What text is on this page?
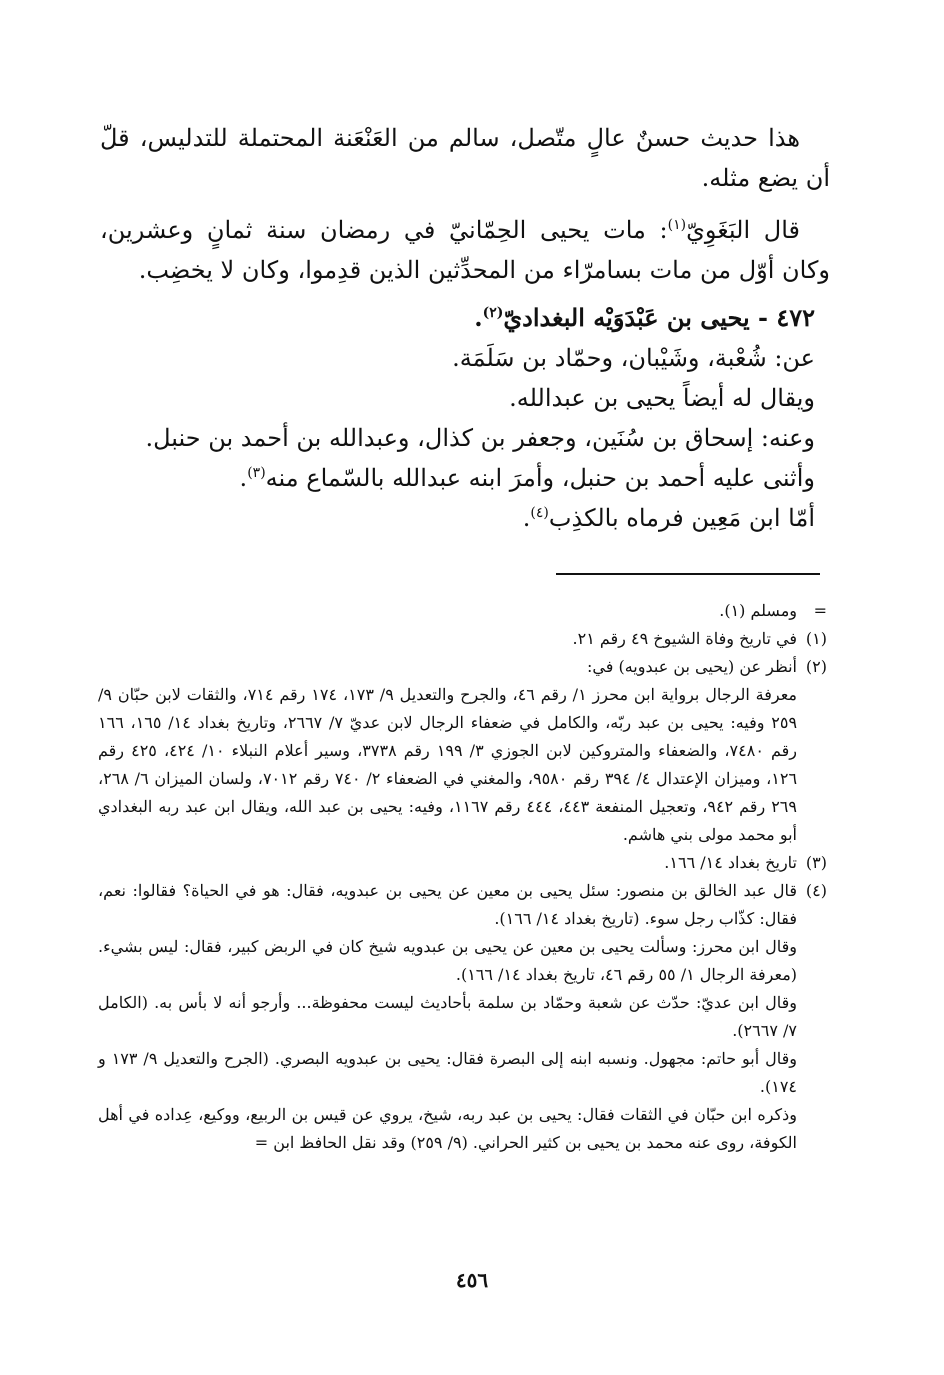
هذا حديث حسنٌ عالٍ متّصل، سالم من العَنْعَنة المحتملة للتدليس، قلّ أن يضع مثله.

قال البَغَوِيّ$^{(١)}$: مات يحيى الحِمّانيّ في رمضان سنة ثمانٍ وعشرين، وكان أوّل من مات بسامرّاء من المحدِّثين الذين قدِموا، وكان لا يخضِب.

٤٧٢ - يحيى بن عَبْدَوَيْه البغداديّ$^{(٢)}$.

عن: شُعْبة، وشَيْبان، وحمّاد بن سَلَمَة.

ويقال له أيضاً يحيى بن عبدالله.

وعنه: إسحاق بن سُنَين، وجعفر بن كذال، وعبدالله بن أحمد بن حنبل.

وأثنى عليه أحمد بن حنبل، وأمرَ ابنه عبدالله بالسّماع منه$^{(٣)}$.

أمّا ابن مَعِين فرماه بالكذِب$^{(٤)}$.

=

ومسلم (١).

(١)

في تاريخ وفاة الشيوخ ٤٩ رقم ٢١.

(٢)

أنظر عن (يحيى بن عبدويه) في:

معرفة الرجال برواية ابن محرز ١/ رقم ٤٦، والجرح والتعديل ٩/ ١٧٣، ١٧٤ رقم ٧١٤، والثقات لابن حبّان ٩/ ٢٥٩ وفيه: يحيى بن عبد ربّه، والكامل في ضعفاء الرجال لابن عديّ ٧/ ٢٦٦٧، وتاريخ بغداد ١٤/ ١٦٥، ١٦٦ رقم ٧٤٨٠، والضعفاء والمتروكين لابن الجوزي ٣/ ١٩٩ رقم ٣٧٣٨، وسير أعلام النبلاء ١٠/ ٤٢٤، ٤٢٥ رقم ١٢٦، وميزان الإعتدال ٤/ ٣٩٤ رقم ٩٥٨٠، والمغني في الضعفاء ٢/ ٧٤٠ رقم ٧٠١٢، ولسان الميزان ٦/ ٢٦٨، ٢٦٩ رقم ٩٤٢، وتعجيل المنفعة ٤٤٣، ٤٤٤ رقم ١١٦٧، وفيه: يحيى بن عبد الله، ويقال ابن عبد ربه البغدادي أبو محمد مولى بني هاشم.

(٣)

تاريخ بغداد ١٤/ ١٦٦.

(٤)

قال عبد الخالق بن منصور: سئل يحيى بن معين عن يحيى بن عبدويه، فقال: هو في الحياة؟ فقالوا: نعم، فقال: كذّاب رجل سوء. (تاريخ بغداد ١٤/ ١٦٦).

وقال ابن محرز: وسألت يحيى بن معين عن يحيى بن عبدويه شيخ كان في الربض كبير، فقال: ليس بشيء. (معرفة الرجال ١/ ٥٥ رقم ٤٦، تاريخ بغداد ١٤/ ١٦٦).

وقال ابن عديّ: حدّث عن شعبة وحمّاد بن سلمة بأحاديث ليست محفوظة... وأرجو أنه لا بأس به. (الكامل ٧/ ٢٦٦٧).

وقال أبو حاتم: مجهول. ونسبه ابنه إلى البصرة فقال: يحيى بن عبدويه البصري. (الجرح والتعديل ٩/ ١٧٣ و ١٧٤).

وذكره ابن حبّان في الثقات فقال: يحيى بن عبد ربه، شيخ، يروي عن قيس بن الربيع، ووكيع، عِداده في أهل الكوفة، روى عنه محمد بن يحيى بن كثير الحراني. (٩/ ٢٥٩) وقد نقل الحافظ ابن =

٤٥٦
